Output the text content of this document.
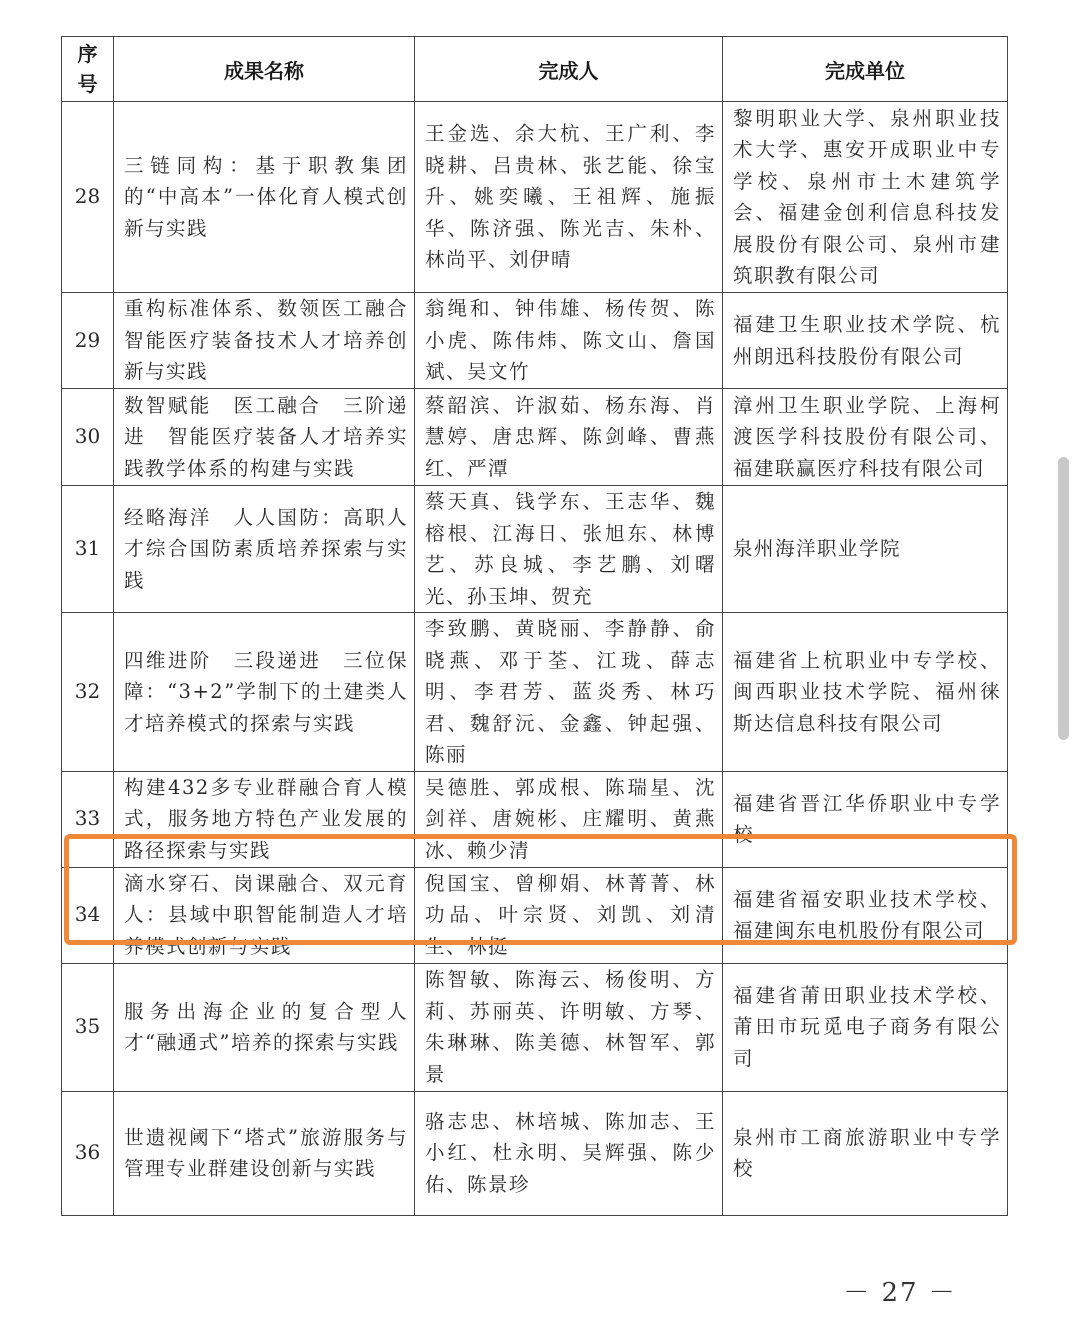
序
号	成果名称	完成人	完成单位
28	三链同构：基于职教集团的“中高本”一体化育人模式创新与实践	王金选、余大杭、王广利、李晓耕、吕贵林、张艺能、徐宝升、姚奕曦、王祖辉、施振华、陈济强、陈光吉、朱朴、林尚平、刘伊晴	黎明职业大学、泉州职业技术大学、惠安开成职业中专学校、泉州市土木建筑学会、福建金创利信息科技发展股份有限公司、泉州市建筑职教有限公司
29	重构标准体系、数领医工融合智能医疗装备技术人才培养创新与实践	翁绳和、钟伟雄、杨传贺、陈小虎、陈伟炜、陈文山、詹国斌、吴文竹	福建卫生职业技术学院、杭州朗迅科技股份有限公司
30	数智赋能　医工融合　三阶递进　智能医疗装备人才培养实践教学体系的构建与实践	蔡韶滨、许淑茹、杨东海、肖慧婷、唐忠辉、陈剑峰、曹燕红、严潭	漳州卫生职业学院、上海柯渡医学科技股份有限公司、福建联赢医疗科技有限公司
31	经略海洋　人人国防：高职人才综合国防素质培养探索与实践	蔡天真、钱学东、王志华、魏榕根、江海日、张旭东、林博艺、苏良城、李艺鹏、刘曙光、孙玉坤、贺充	泉州海洋职业学院
32	四维进阶　三段递进　三位保障：“3+2”学制下的土建类人才培养模式的探索与实践	李致鹏、黄晓丽、李静静、俞晓燕、邓于荃、江珑、薛志明、李君芳、蓝炎秀、林巧君、魏舒沅、金鑫、钟起强、陈丽	福建省上杭职业中专学校、闽西职业技术学院、福州徕斯达信息科技有限公司
33	构建432多专业群融合育人模式，服务地方特色产业发展的路径探索与实践	吴德胜、郭成根、陈瑞星、沈剑祥、唐婉彬、庄耀明、黄燕冰、赖少清	福建省晋江华侨职业中专学校
34	滴水穿石、岗课融合、双元育人：县域中职智能制造人才培养模式创新与实践	倪国宝、曾柳娟、林菁菁、林功品、叶宗贤、刘凯、刘清生、林挺	福建省福安职业技术学校、福建闽东电机股份有限公司
35	服务出海企业的复合型人才“融通式”培养的探索与实践	陈智敏、陈海云、杨俊明、方莉、苏丽英、许明敏、方琴、朱琳琳、陈美德、林智军、郭景	福建省莆田职业技术学校、莆田市玩觅电子商务有限公司
36	世遗视阈下“塔式”旅游服务与管理专业群建设创新与实践	骆志忠、林培城、陈加志、王小红、杜永明、吴辉强、陈少佑、陈景珍	泉州市工商旅游职业中专学校
－ 27 －
